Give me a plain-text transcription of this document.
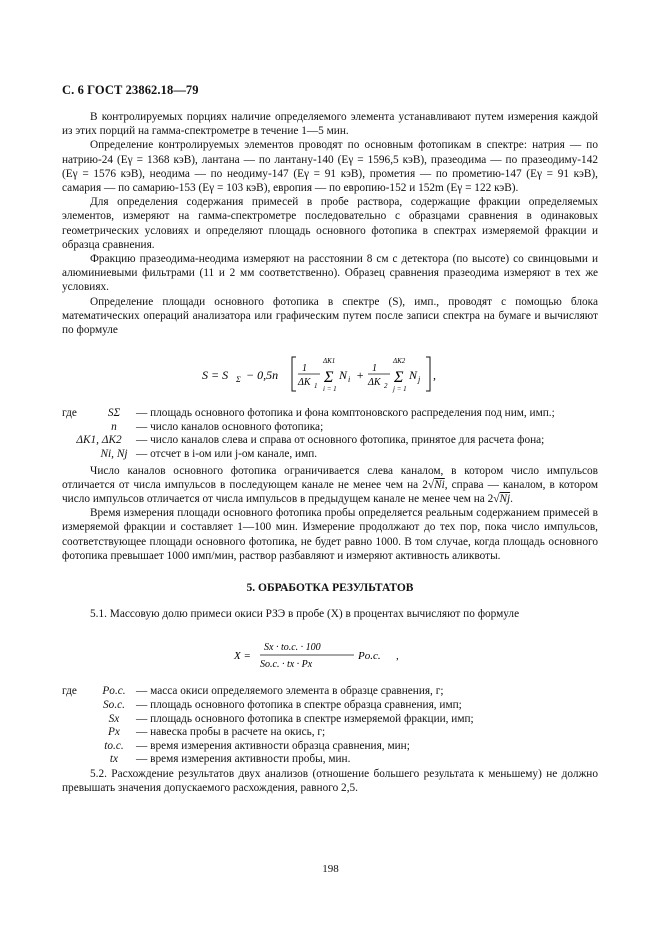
С. 6 ГОСТ 23862.18—79

В контролируемых порциях наличие определяемого элемента устанавливают путем измерения каждой из этих порций на гамма-спектрометре в течение 1—5 мин.

Определение контролируемых элементов проводят по основным фотопикам в спектре: натрия — по натрию-24 (Eγ = 1368 кэВ), лантана — по лантану-140 (Eγ = 1596,5 кэВ), празеодима — по празеодиму-142 (Eγ = 1576 кэВ), неодима — по неодиму-147 (Eγ = 91 кэВ), прометия — по прометию-147 (Eγ = 91 кэВ), самария — по самарию-153 (Eγ = 103 кэВ), европия — по европию-152 и 152m (Eγ = 122 кэВ).

Для определения содержания примесей в пробе раствора, содержащие фракции определяемых элементов, измеряют на гамма-спектрометре последовательно с образцами сравнения в одинаковых геометрических условиях и определяют площадь основного фотопика в спектрах измеряемой фракции и образца сравнения.

Фракцию празеодима-неодима измеряют на расстоянии 8 см с детектора (по высоте) со свинцовыми и алюминиевыми фильтрами (11 и 2 мм соответственно). Образец сравнения празеодима измеряют в тех же условиях.

Определение площади основного фотопика в спектре (S), имп., проводят с помощью блока математических операций анализатора или графическим путем после записи спектра на бумаге и вычисляют по формуле

S = S Σ − 0,5n 1
ΔK 1 Σ
ΔK1
i = 1
N i + 1
ΔK 2 Σ
ΔK2
j = 1
N j ,
где	SΣ	— площадь основного фотопика и фона комптоновского распределения под ним, имп.;
n	— число каналов основного фотопика;
ΔK1, ΔK2	— число каналов слева и справа от основного фотопика, принятое для расчета фона;
Ni, Nj — отсчет в i-ом или j-ом канале, имп.

Число каналов основного фотопика ограничивается слева каналом, в котором число импульсов отличается от числа импульсов в последующем канале не менее чем на 2√Ni, справа — каналом, в котором число импульсов отличается от числа импульсов в предыдущем канале не менее чем на 2√Nj.

Время измерения площади основного фотопика пробы определяется реальным содержанием примесей в измеряемой фракции и составляет 1—100 мин. Измерение продолжают до тех пор, пока число импульсов, соответствующее площади основного фотопика, не будет равно 1000. В том случае, когда площадь основного фотопика превышает 1000 имп/мин, раствор разбавляют и измеряют активность аликвоты.

5. ОБРАБОТКА РЕЗУЛЬТАТОВ

5.1. Массовую долю примеси окиси РЗЭ в пробе (X) в процентах вычисляют по формуле

X =
Sx · tо.с. · 100
Sо.с. · tx · Px
Pо.с. ,
где	Pо.с. — масса окиси определяемого элемента в образце сравнения, г;
Sо.с. — площадь основного фотопика в спектре образца сравнения, имп;
Sx	— площадь основного фотопика в спектре измеряемой фракции, имп;
Px	— навеска пробы в расчете на окись, г;
tо.с.	— время измерения активности образца сравнения, мин;
tx	— время измерения активности пробы, мин.

5.2. Расхождение результатов двух анализов (отношение большего результата к меньшему) не должно превышать значения допускаемого расхождения, равного 2,5.

198
